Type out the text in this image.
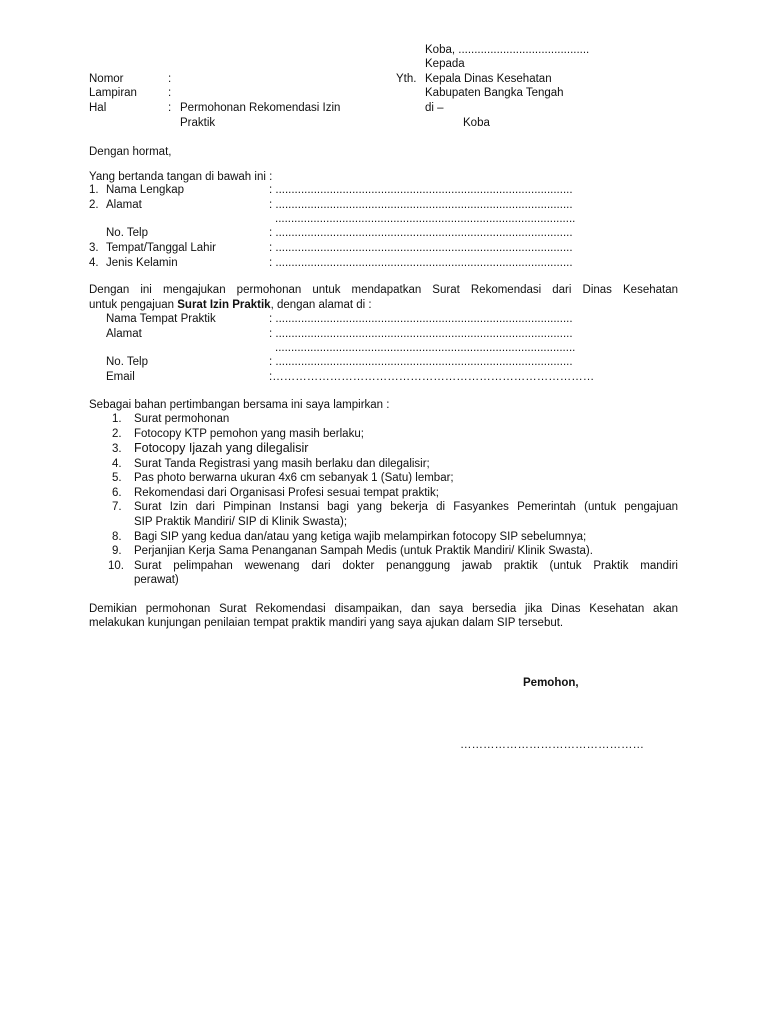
Koba, .........................................
Kepada
Yth. Kepala Dinas Kesehatan
Kabupaten Bangka Tengah
di –
Koba
Nomor	:
Lampiran	:
Hal	: Permohonan Rekomendasi Izin
Praktik
Dengan hormat,
Yang bertanda tangan di bawah ini :
1. Nama Lengkap	: .............................................................................................
2. Alamat	: .............................................................................................
..............................................................................................
No. Telp	: .............................................................................................
3. Tempat/Tanggal Lahir	: .............................................................................................
4. Jenis Kelamin	: .............................................................................................
Dengan ini mengajukan permohonan untuk mendapatkan Surat Rekomendasi dari Dinas Kesehatan
untuk pengajuan Surat Izin Praktik, dengan alamat di :
Nama Tempat Praktik	: .............................................................................................
Alamat	: .............................................................................................
..............................................................................................
No. Telp	: .............................................................................................
Email	:…………………………………………………………………………
Sebagai bahan pertimbangan bersama ini saya lampirkan :
1. Surat permohonan
2. Fotocopy KTP pemohon yang masih berlaku;
3. Fotocopy Ijazah yang dilegalisir
4. Surat Tanda Registrasi yang masih berlaku dan dilegalisir;
5. Pas photo berwarna ukuran 4x6 cm sebanyak 1 (Satu) lembar;
6. Rekomendasi dari Organisasi Profesi sesuai tempat praktik;
7. Surat Izin dari Pimpinan Instansi bagi yang bekerja di Fasyankes Pemerintah (untuk pengajuan
SIP Praktik Mandiri/ SIP di Klinik Swasta);
8. Bagi SIP yang kedua dan/atau yang ketiga wajib melampirkan fotocopy SIP sebelumnya;
9. Perjanjian Kerja Sama Penanganan Sampah Medis (untuk Praktik Mandiri/ Klinik Swasta).
10. Surat pelimpahan wewenang dari dokter penanggung jawab praktik (untuk Praktik mandiri
perawat)
Demikian permohonan Surat Rekomendasi disampaikan, dan saya bersedia jika Dinas Kesehatan akan
melakukan kunjungan penilaian tempat praktik mandiri yang saya ajukan dalam SIP tersebut.
Pemohon,
…………………………………………
